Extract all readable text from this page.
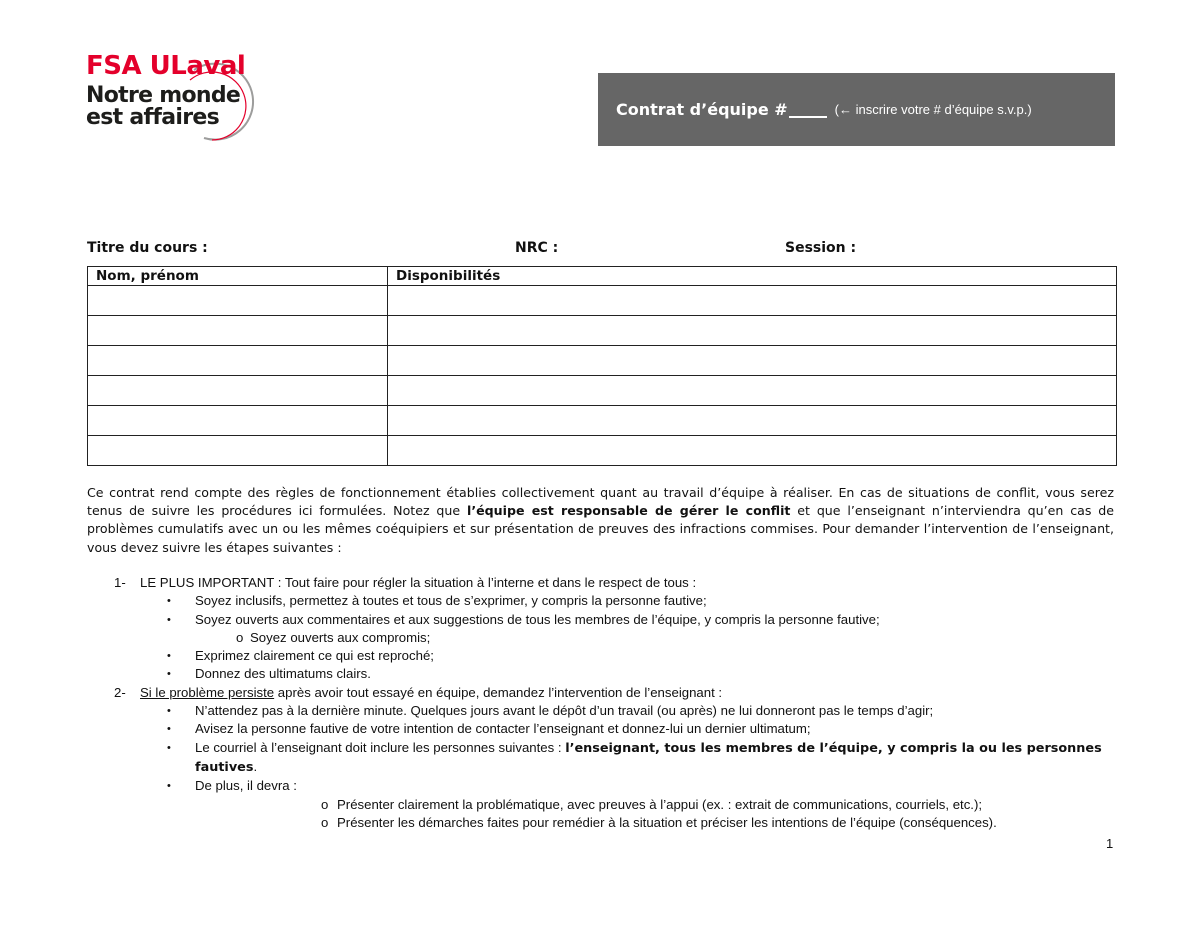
FSA ULaval
Notre monde
est affaires	Contrat d’équipe #	(← inscrire votre # d’équipe s.v.p.)
Titre du cours :	NRC :	Session :
Nom, prénom	Disponibilités

Ce contrat rend compte des règles de fonctionnement établies collectivement quant au travail d’équipe à réaliser. En cas de situations de conflit, vous serez tenus de suivre les procédures ici formulées. Notez que l’équipe est responsable de gérer le conflit et que l’enseignant n’interviendra qu’en cas de problèmes cumulatifs avec un ou les mêmes coéquipiers et sur présentation de preuves des infractions commises. Pour demander l’intervention de l’enseignant, vous devez suivre les étapes suivantes :

1- LE PLUS IMPORTANT : Tout faire pour régler la situation à l’interne et dans le respect de tous :
• Soyez inclusifs, permettez à toutes et tous de s’exprimer, y compris la personne fautive;
• Soyez ouverts aux commentaires et aux suggestions de tous les membres de l’équipe, y compris la personne fautive;
o Soyez ouverts aux compromis;
• Exprimez clairement ce qui est reproché;
• Donnez des ultimatums clairs.
2- Si le problème persiste après avoir tout essayé en équipe, demandez l’intervention de l’enseignant :
• N’attendez pas à la dernière minute. Quelques jours avant le dépôt d’un travail (ou après) ne lui donneront pas le temps d’agir;
• Avisez la personne fautive de votre intention de contacter l’enseignant et donnez-lui un dernier ultimatum;
• Le courriel à l’enseignant doit inclure les personnes suivantes : l’enseignant, tous les membres de l’équipe, y compris la ou les personnes fautives.
• De plus, il devra :
o Présenter clairement la problématique, avec preuves à l’appui (ex. : extrait de communications, courriels, etc.);
o Présenter les démarches faites pour remédier à la situation et préciser les intentions de l’équipe (conséquences).
1
